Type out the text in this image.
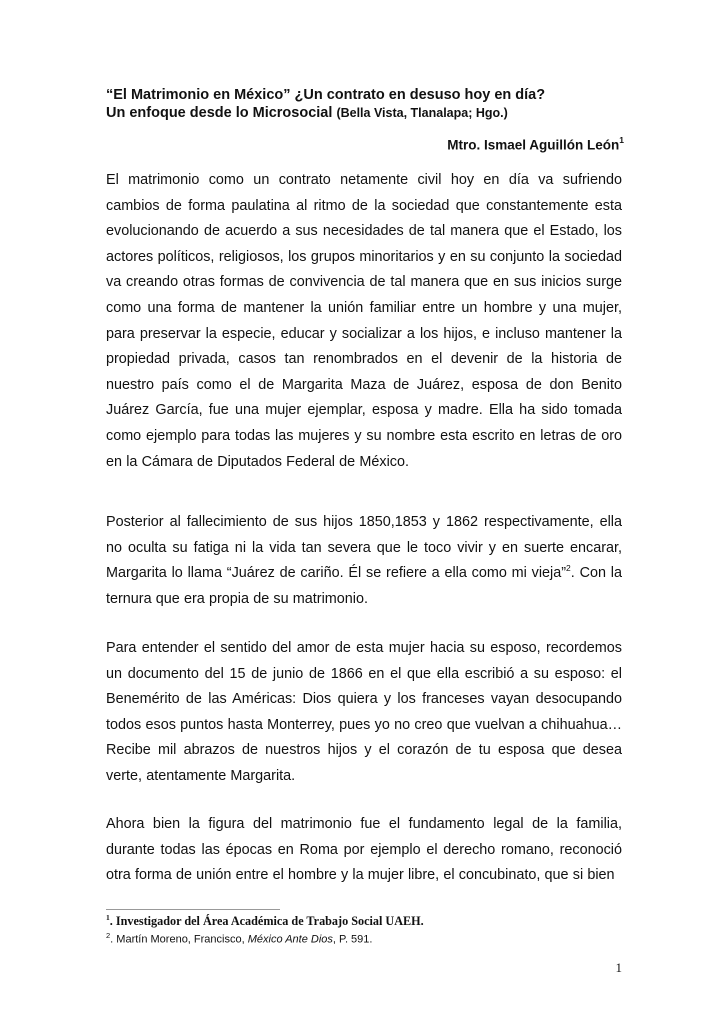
“El Matrimonio en México” ¿Un contrato en desuso hoy en día?
Un enfoque desde lo Microsocial (Bella Vista, Tlanalapa; Hgo.)
Mtro. Ismael Aguillón León$^1$
El matrimonio como un contrato netamente civil hoy en día va sufriendo cambios de forma paulatina al ritmo de la sociedad que constantemente esta evolucionando de acuerdo a sus necesidades de tal manera que el Estado, los actores políticos, religiosos, los grupos minoritarios y en su conjunto la sociedad va creando otras formas de convivencia de tal manera que en sus inicios surge como una forma de mantener la unión familiar entre un hombre y una mujer, para preservar la especie, educar y socializar a los hijos, e incluso mantener la propiedad privada, casos tan renombrados en el devenir de la historia de nuestro país como el de Margarita Maza de Juárez, esposa de don Benito Juárez García, fue una mujer ejemplar, esposa y madre. Ella ha sido tomada como ejemplo para todas las mujeres y su nombre esta escrito en letras de oro en la Cámara de Diputados Federal de México.
Posterior al fallecimiento de sus hijos 1850,1853 y 1862 respectivamente, ella no oculta su fatiga ni la vida tan severa que le toco vivir y en suerte encarar, Margarita lo llama “Juárez de cariño. Él se refiere a ella como mi vieja”$^2$. Con la ternura que era propia de su matrimonio.
Para entender el sentido del amor de esta mujer hacia su esposo, recordemos un documento del 15 de junio de 1866 en el que ella escribió a su esposo: el Benemérito de las Américas: Dios quiera y los franceses vayan desocupando todos esos puntos hasta Monterrey, pues yo no creo que vuelvan a chihuahua… Recibe mil abrazos de nuestros hijos y el corazón de tu esposa que desea verte, atentamente Margarita.
Ahora bien la figura del matrimonio fue el fundamento legal de la familia, durante todas las épocas en Roma por ejemplo el derecho romano, reconoció otra forma de unión entre el hombre y la mujer libre, el concubinato, que si bien
$^1$. Investigador del Área Académica de Trabajo Social UAEH.
$^2$. Martín Moreno, Francisco, México Ante Dios, P. 591.
1
